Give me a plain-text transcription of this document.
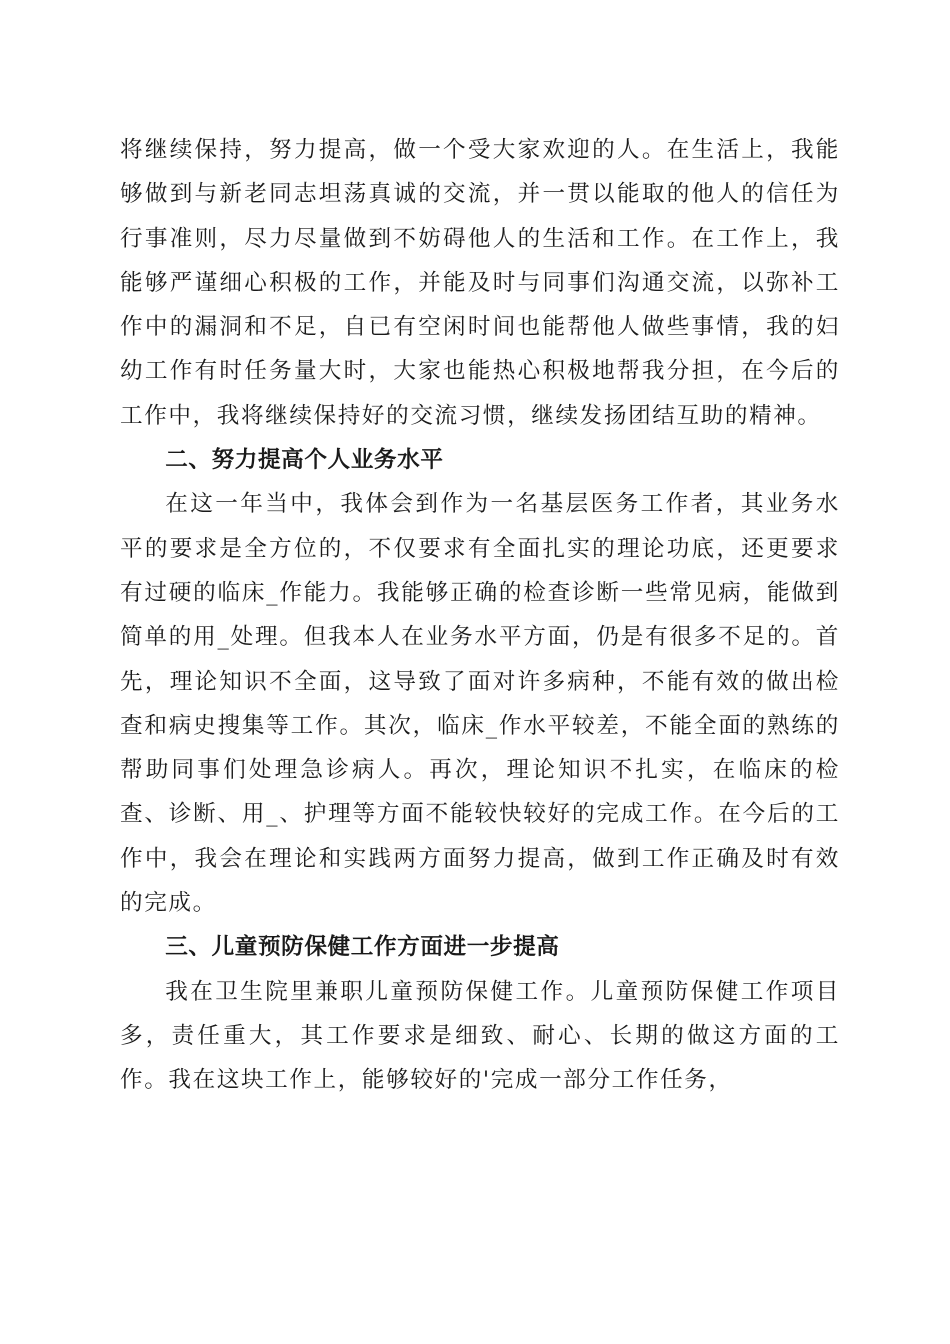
将继续保持，努力提高，做一个受大家欢迎的人。在生活上，我能够做到与新老同志坦荡真诚的交流，并一贯以能取的他人的信任为行事准则，尽力尽量做到不妨碍他人的生活和工作。在工作上，我能够严谨细心积极的工作，并能及时与同事们沟通交流，以弥补工作中的漏洞和不足，自已有空闲时间也能帮他人做些事情，我的妇幼工作有时任务量大时，大家也能热心积极地帮我分担，在今后的工作中，我将继续保持好的交流习惯，继续发扬团结互助的精神。

二、努力提高个人业务水平

在这一年当中，我体会到作为一名基层医务工作者，其业务水平的要求是全方位的，不仅要求有全面扎实的理论功底，还更要求有过硬的临床_作能力。我能够正确的检查诊断一些常见病，能做到简单的用_处理。但我本人在业务水平方面，仍是有很多不足的。首先，理论知识不全面，这导致了面对许多病种，不能有效的做出检查和病史搜集等工作。其次，临床_作水平较差，不能全面的熟练的帮助同事们处理急诊病人。再次，理论知识不扎实，在临床的检查、诊断、用_、护理等方面不能较快较好的完成工作。在今后的工作中，我会在理论和实践两方面努力提高，做到工作正确及时有效的完成。

三、儿童预防保健工作方面进一步提高

我在卫生院里兼职儿童预防保健工作。儿童预防保健工作项目多，责任重大，其工作要求是细致、耐心、长期的做这方面的工作。我在这块工作上，能够较好的'完成一部分工作任务，
